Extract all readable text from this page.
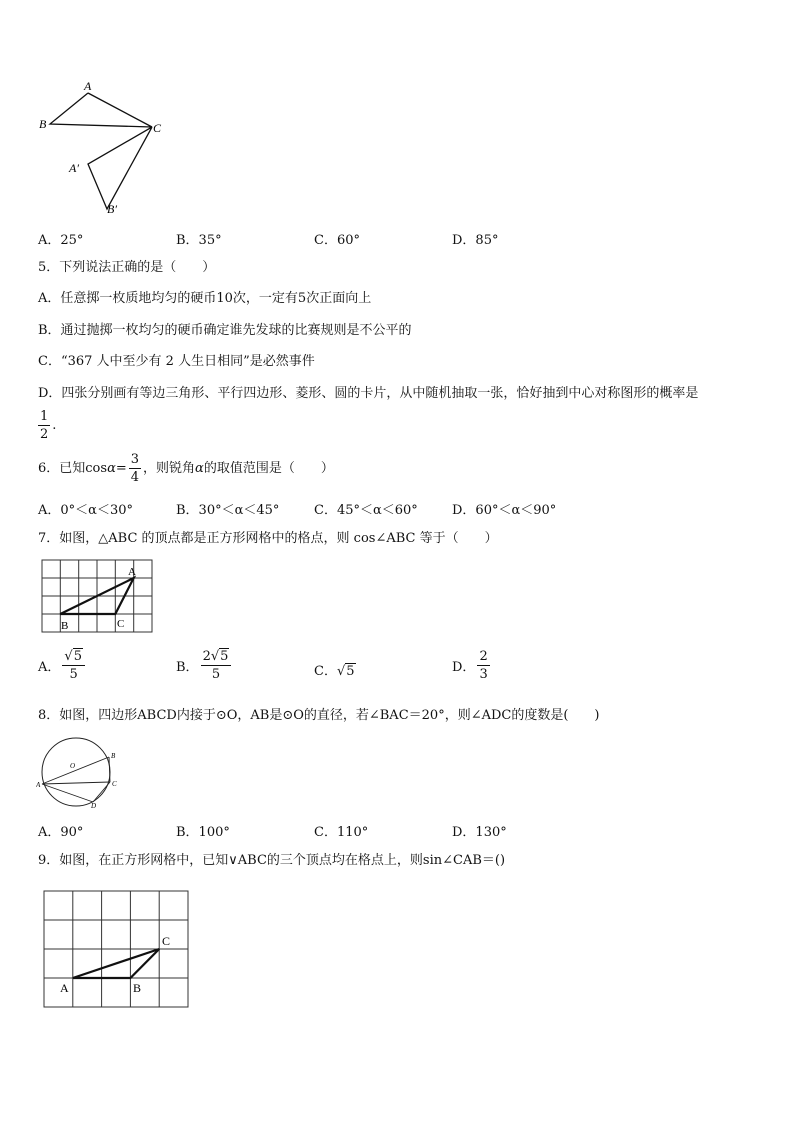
A
B	C
A′
B′
A．25°	B．35°	C．60°	D．85°
5．下列说法正确的是（　　）
A．任意掷一枚质地均匀的硬币10次，一定有5次正面向上
B．通过抛掷一枚均匀的硬币确定谁先发球的比赛规则是不公平的
C．“367 人中至少有 2 人生日相同”是必然事件
D．四张分别画有等边三角形、平行四边形、菱形、圆的卡片，从中随机抽取一张，恰好抽到中心对称图形的概率是
$\frac{1}{2}$ .
6．已知$\cos\alpha= \frac{3}{4}$ ，则锐角α的取值范围是（　　）
A．0°＜α＜30°	B．30°＜α＜45°	C．45°＜α＜60°	D．60°＜α＜90°
7．如图，△ABC 的顶点都是正方形网格中的格点，则 cos∠ABC 等于（　　）
A
B	C
A． $\frac{√5}{5}$	B． $\frac{2√5}{5}$	C．√5	D． $\frac{2}{3}$
8．如图，四边形ABCD内接于⊙O，AB是⊙O的直径，若∠BAC＝20°，则∠ADC的度数是(　　)
O
B
C
A
D
A．90°	B．100°	C．110°	D．130°
9．如图，在正方形网格中，已知∨ABC的三个顶点均在格点上，则sin∠CAB＝()
A	B
C
